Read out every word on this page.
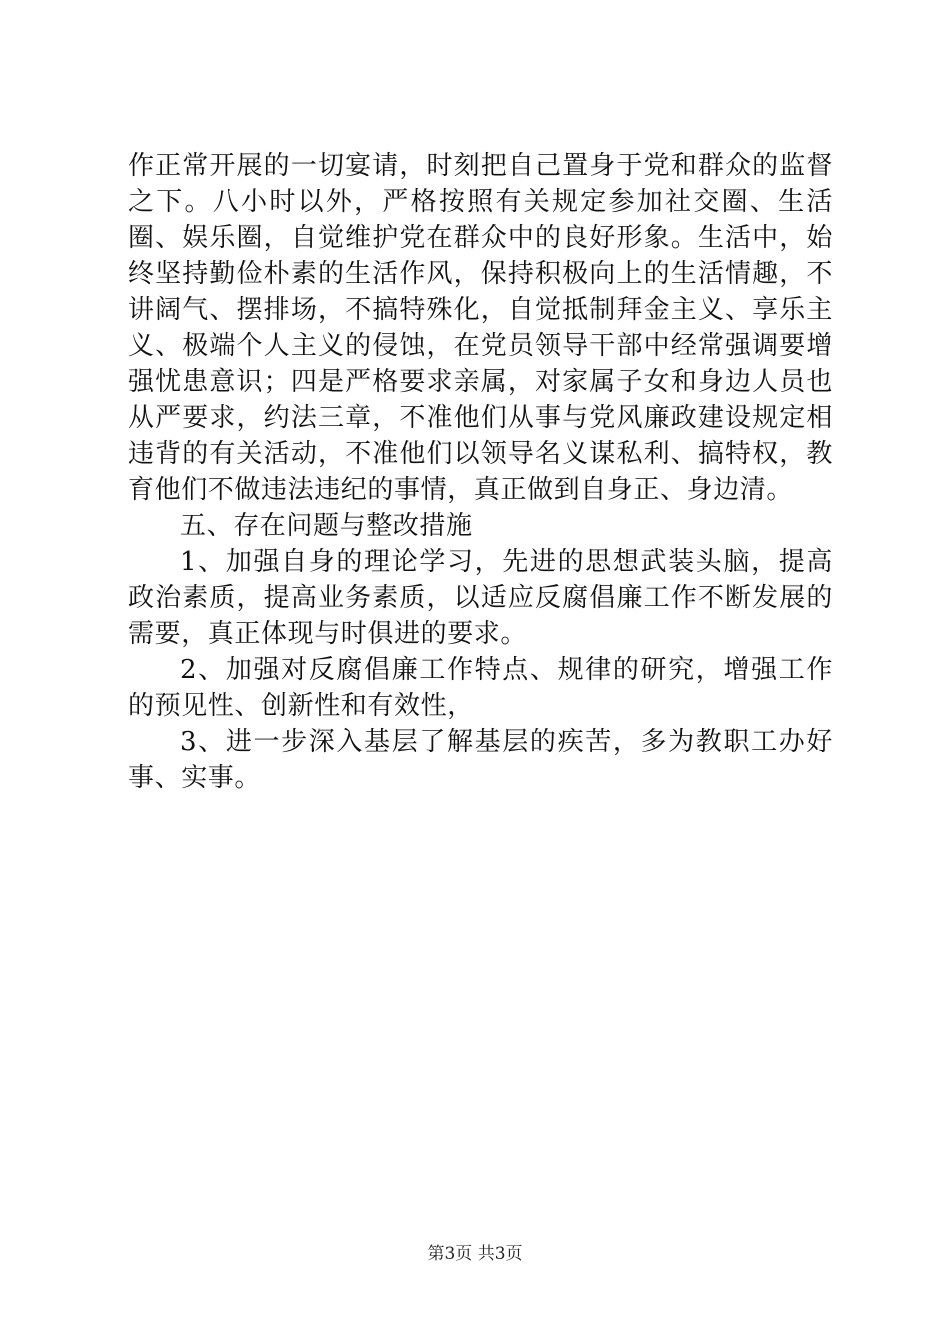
作正常开展的一切宴请，时刻把自己置身于党和群众的监督之下。八小时以外，严格按照有关规定参加社交圈、生活圈、娱乐圈，自觉维护党在群众中的良好形象。生活中，始终坚持勤俭朴素的生活作风，保持积极向上的生活情趣，不讲阔气、摆排场，不搞特殊化，自觉抵制拜金主义、享乐主义、极端个人主义的侵蚀，在党员领导干部中经常强调要增强忧患意识；四是严格要求亲属，对家属子女和身边人员也从严要求，约法三章，不准他们从事与党风廉政建设规定相违背的有关活动，不准他们以领导名义谋私利、搞特权，教育他们不做违法违纪的事情，真正做到自身正、身边清。

五、存在问题与整改措施

1、加强自身的理论学习，先进的思想武装头脑，提高政治素质，提高业务素质，以适应反腐倡廉工作不断发展的需要，真正体现与时俱进的要求。

2、加强对反腐倡廉工作特点、规律的研究，增强工作的预见性、创新性和有效性，

3、进一步深入基层了解基层的疾苦，多为教职工办好事、实事。

第3页 共3页
